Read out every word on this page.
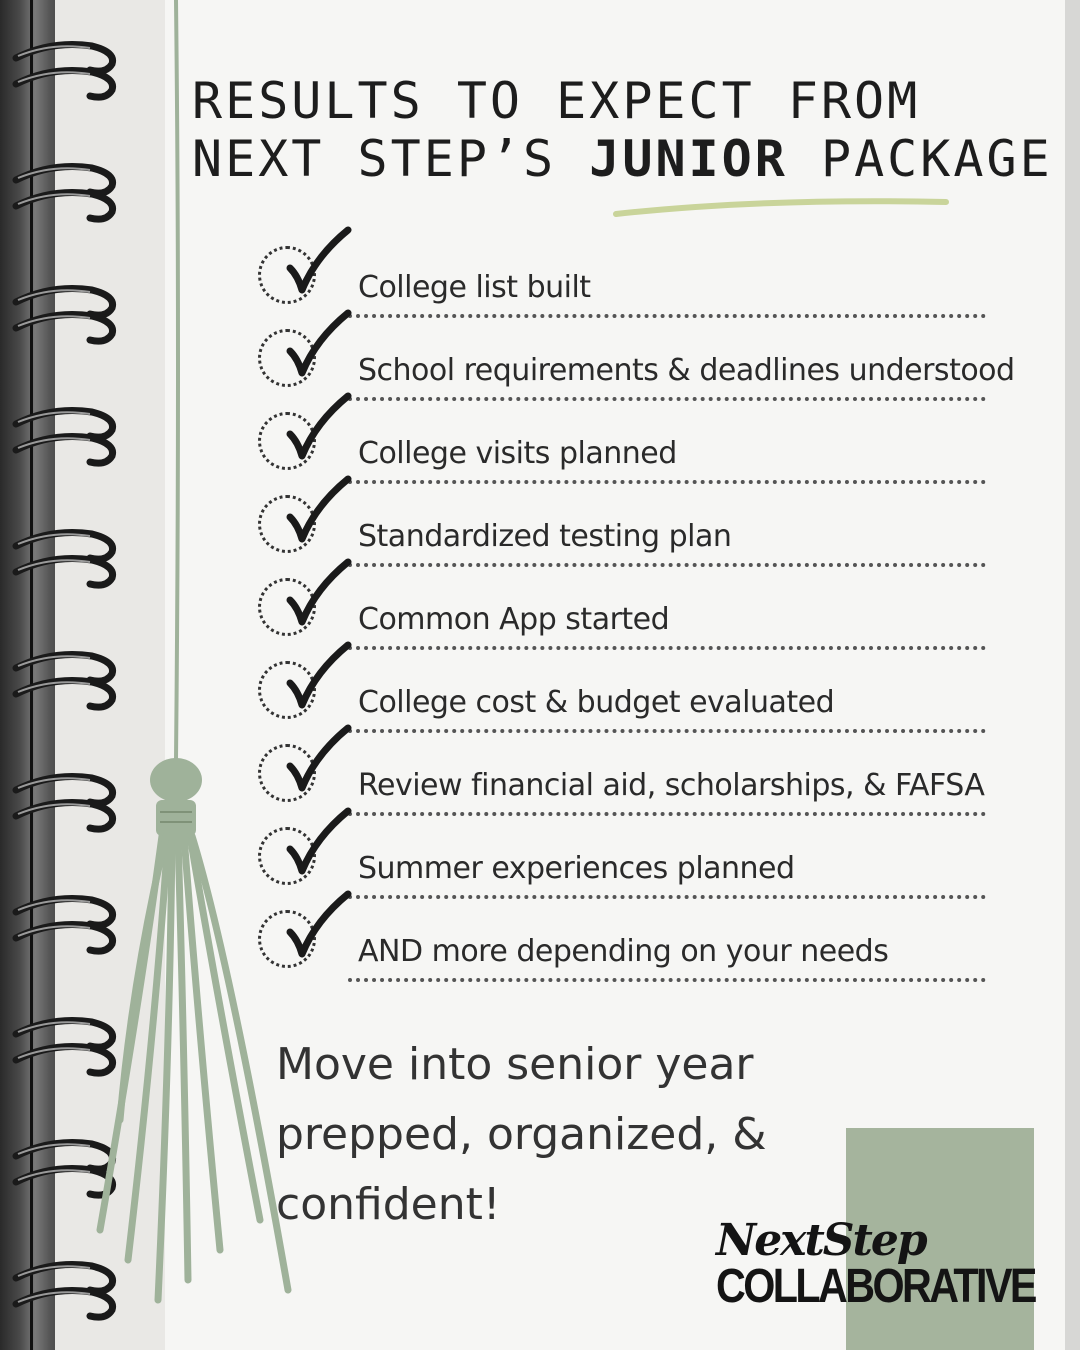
RESULTS TO EXPECT FROM
NEXT STEP’S JUNIOR PACKAGE
College list built
School requirements & deadlines understood
College visits planned
Standardized testing plan
Common App started
College cost & budget evaluated
Review financial aid, scholarships, & FAFSA
Summer experiences planned
AND more depending on your needs

Move into senior year
prepped, organized, &
confident!

NextStep
COLLABORATIVE
